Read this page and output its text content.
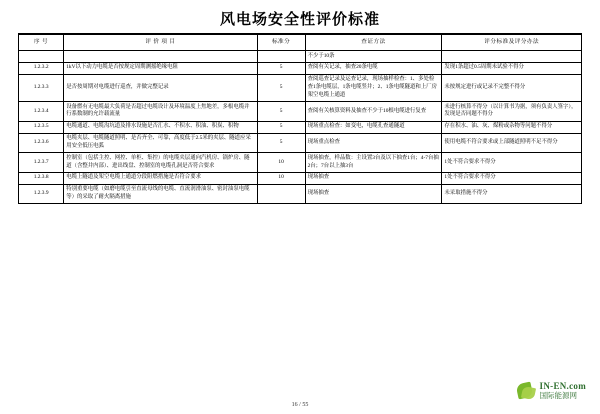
风电场安全性评价标准
序 号	评 价 项 目	标准分	查证方法	评分标准及评分办法
			不少于10条	
1.2.3.2	1kV以下动力电缆是否按规定周期测摇绝缘电阻	5	查阅有关记录，抽查20条电缆	发现1条超过0.5周期未试验不得分
1.2.3.3	是否按周期对电缆进行巡查，并做完整记录	5	查阅巡查记录及运查记录，现场抽样检查：1、多处检查1条电缆层，1条电缆竖井；2、1条电缆隧道和上厂房架空电缆上通道	未按规定进行或记录不完整不得分
1.2.3.4	设备燃有无电缆最大负荷是否超过电缆设计及环境温度上焦地差，多根电缆并行系数制的允许载流量	5	查阅有关核算资料及抽查不少于10根电缆进行复查	未进行核算不得分（以计算书为据，须有负责人签字），发现是否同题不得分
1.2.3.5	电缆通道、电缆沟坑道及排水设施是否汇水、不积水、积油、积炭、积物	5	现场重点检查：如变电，电缆孔查通隧道	存在积水、油、灰、煤粉或杂物等问题不得分
1.2.3.6	电缆夹层、电缆隧道照明、是否齐全、可靠，高度低于2.5米的夹层、隧道应采用安全低压电弧	5	现场重点检查	使用电缆不符合要求或上部隧道照明不足不得分
1.2.3.7	控制室（包括主控、网控、单柜、集控）的电缆夹层通向汽机房、锅炉房、隧道（含整井内部）、进出线盘、控制室的电缆孔洞是否符合要求	10	现场抽查，样品数：主设置3台及以下抽查1台；4-7台抽2台；7台以上抽3台	1处不符合要求不得分
1.2.3.8	电缆上隧道及架空电缆上通道分段阻燃措施是否符合要求	10	现场抽查	1处不符合要求不得分
1.2.3.9	特别重要电缆（如磨电缆引至直流母线的电缆、直流润滑油泵、密封油泵电缆等）的采取了耐火隔离措施		现场抽查	未采取措施不得分
IN-EN.com
国际能源网
16 / 55
